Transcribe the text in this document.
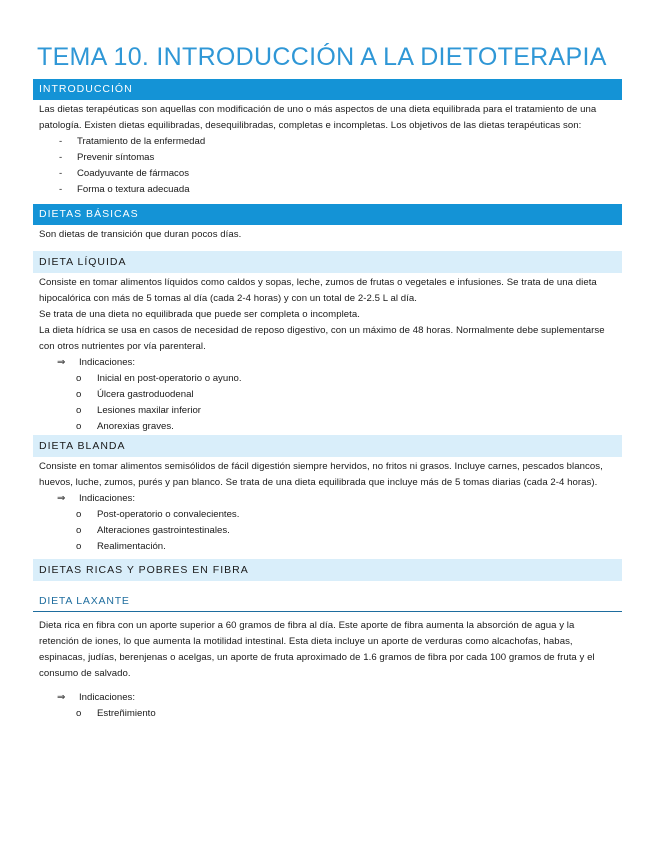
TEMA 10. INTRODUCCIÓN A LA DIETOTERAPIA
INTRODUCCIÓN

Las dietas terapéuticas son aquellas con modificación de uno o más aspectos de una dieta equilibrada para el tratamiento de una patología. Existen dietas equilibradas, desequilibradas, completas e incompletas. Los objetivos de las dietas terapéuticas son:

- Tratamiento de la enfermedad
- Prevenir síntomas
- Coadyuvante de fármacos
- Forma o textura adecuada
DIETAS BÁSICAS

Son dietas de transición que duran pocos días.

DIETA LÍQUIDA

Consiste en tomar alimentos líquidos como caldos y sopas, leche, zumos de frutas o vegetales e infusiones. Se trata de una dieta hipocalórica con más de 5 tomas al día (cada 2-4 horas) y con un total de 2-2.5 L al día.

Se trata de una dieta no equilibrada que puede ser completa o incompleta.

La dieta hídrica se usa en casos de necesidad de reposo digestivo, con un máximo de 48 horas. Normalmente debe suplementarse con otros nutrientes por vía parenteral.

⇒ Indicaciones:
o Inicial en post-operatorio o ayuno.
o Úlcera gastroduodenal
o Lesiones maxilar inferior
o Anorexias graves.
DIETA BLANDA

Consiste en tomar alimentos semisólidos de fácil digestión siempre hervidos, no fritos ni grasos. Incluye carnes, pescados blancos, huevos, luche, zumos, purés y pan blanco. Se trata de una dieta equilibrada que incluye más de 5 tomas diarias (cada 2-4 horas).

⇒ Indicaciones:
o Post-operatorio o convalecientes.
o Alteraciones gastrointestinales.
o Realimentación.
DIETAS RICAS Y POBRES EN FIBRA
DIETA LAXANTE

Dieta rica en fibra con un aporte superior a 60 gramos de fibra al día. Este aporte de fibra aumenta la absorción de agua y la retención de iones, lo que aumenta la motilidad intestinal. Esta dieta incluye un aporte de verduras como alcachofas, habas, espinacas, judías, berenjenas o acelgas, un aporte de fruta aproximado de 1.6 gramos de fibra por cada 100 gramos de fruta y el consumo de salvado.

⇒ Indicaciones:
o Estreñimiento
